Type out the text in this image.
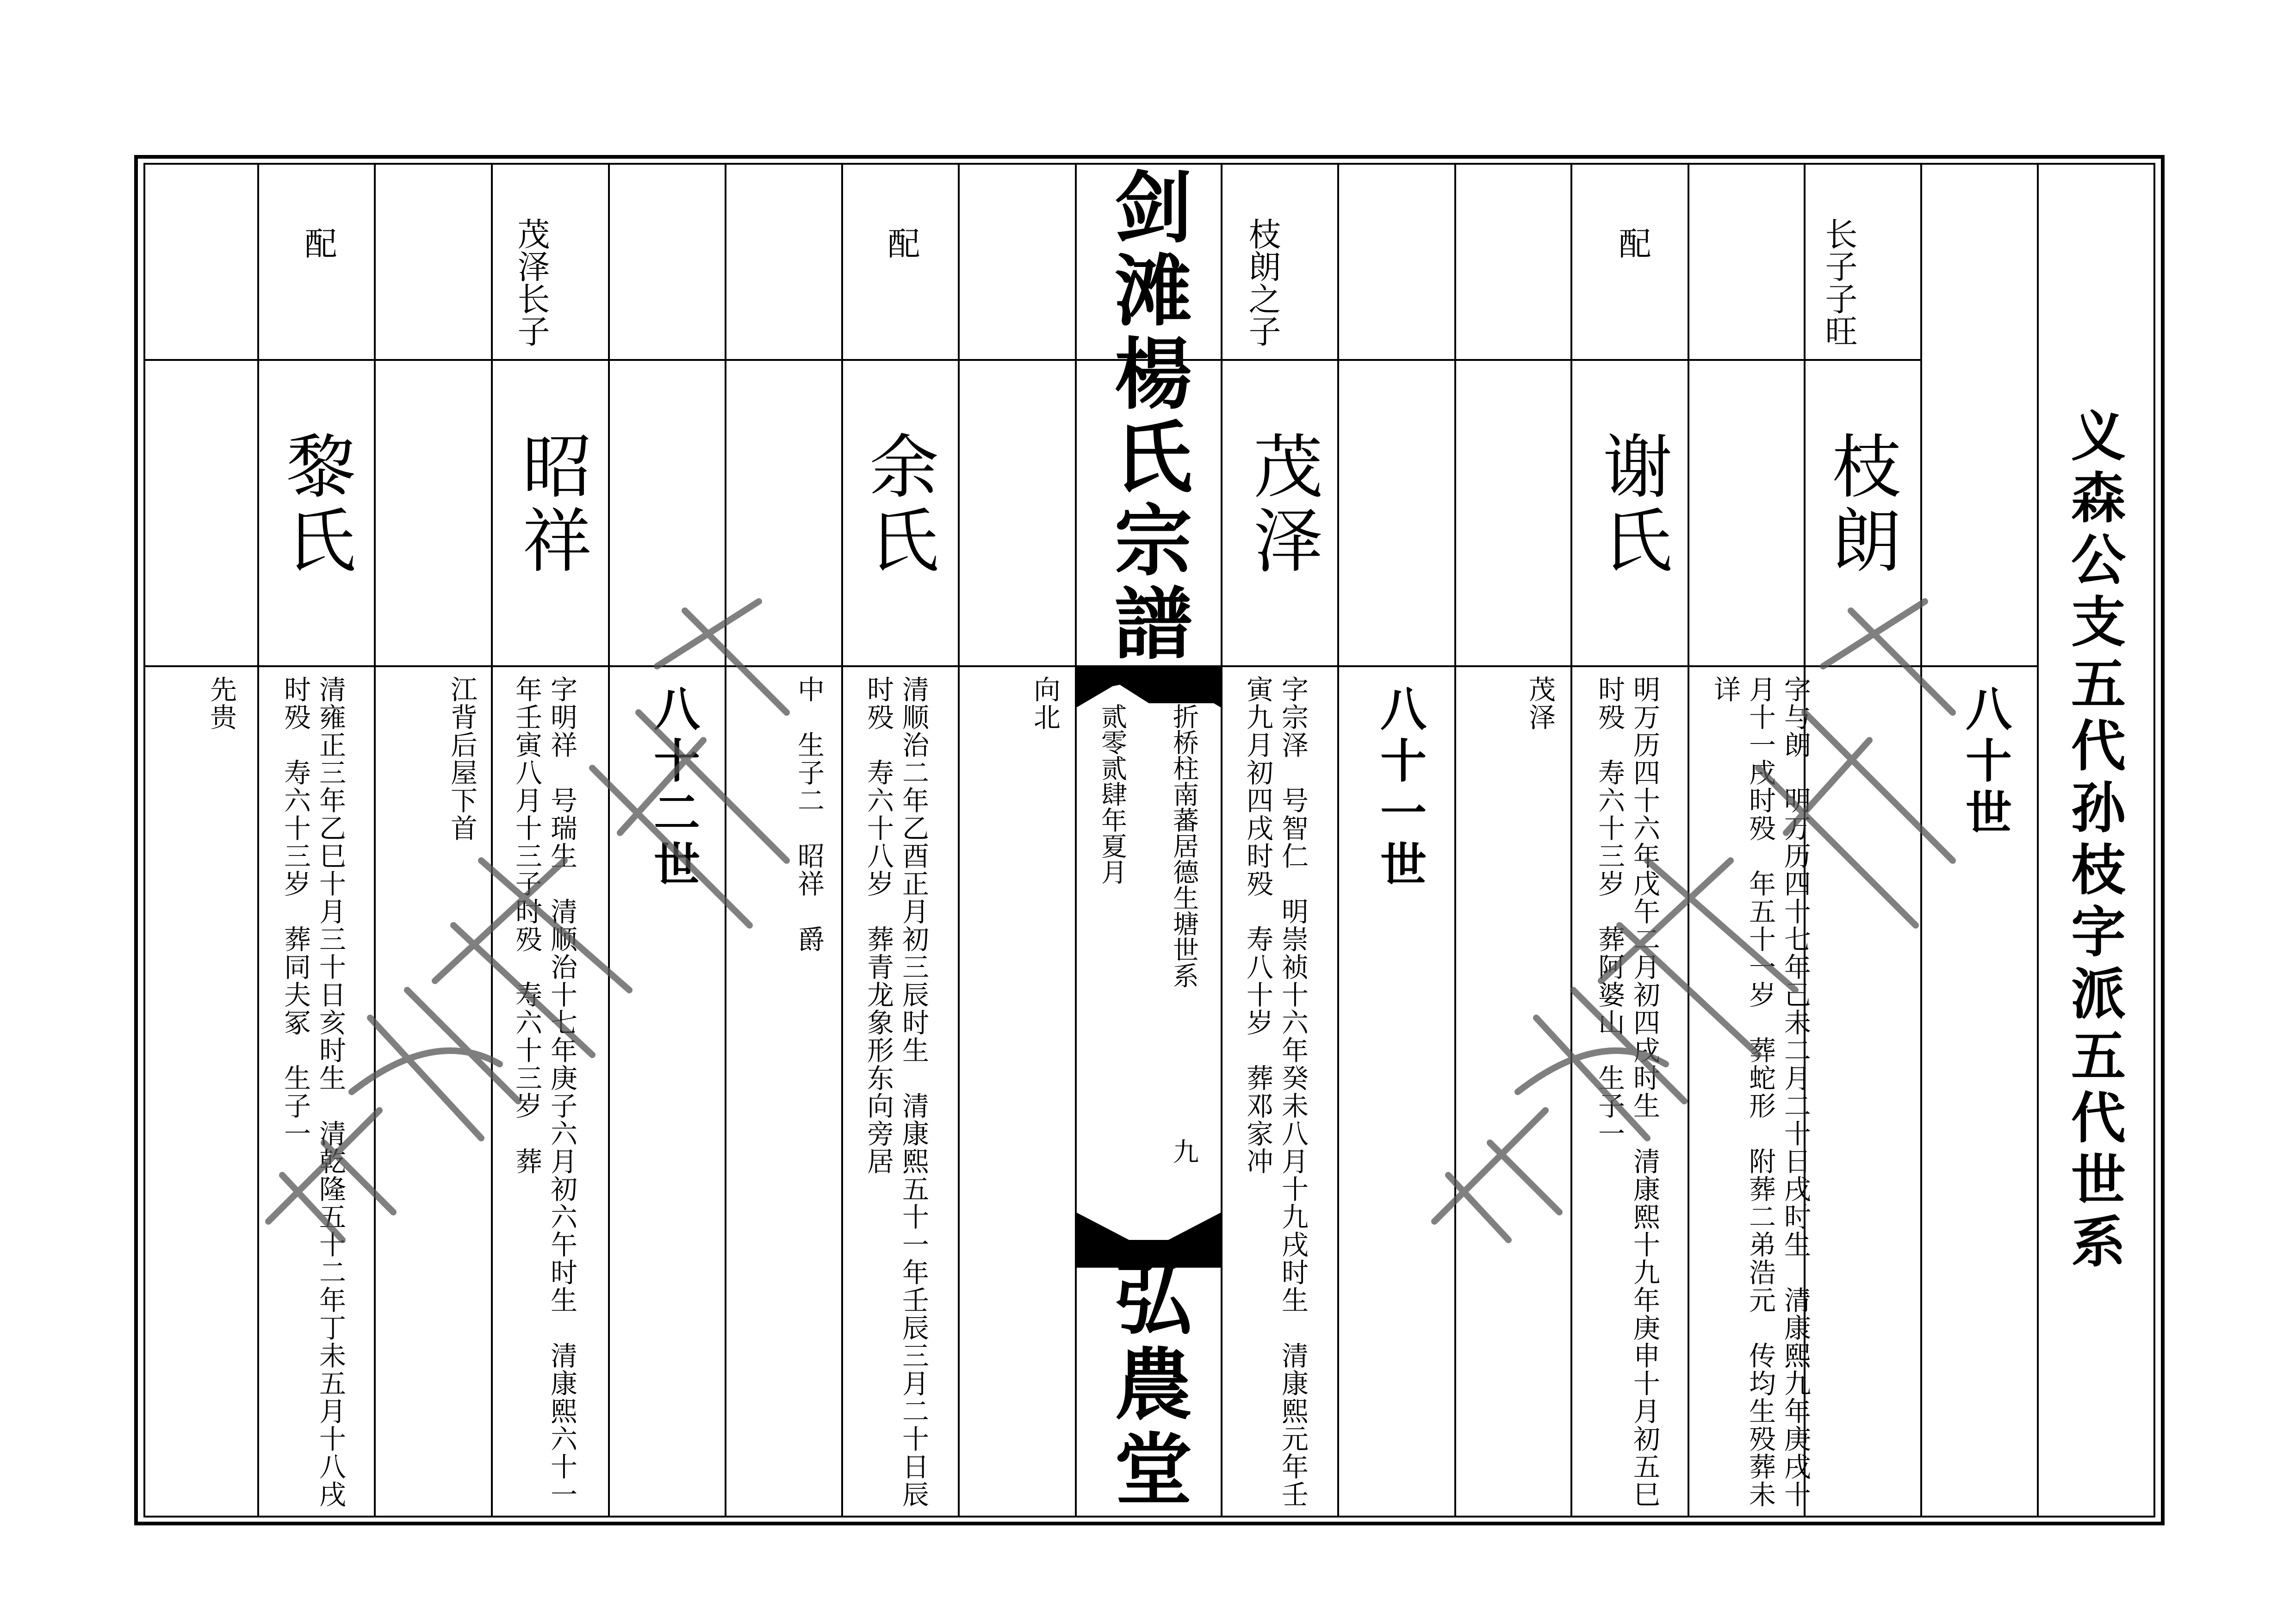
义森公支五代孙枝字派五代世系
八十世
长子子旺
枝朗
字与朗　明万历四十七年己未二月二十日戌时生　清康熙九年庚戌十月十一戌时殁　年五十一岁　葬蛇形　附葬二弟浩元　传均生殁葬未详
配
谢氏
明万历四十六年戊午二月初四戌时生　清康熙十九年庚申十月初五巳时殁　寿六十三岁　葬阿婆山　生子一
茂泽
八十一世
枝朗之子
茂泽
字宗泽　号智仁　明崇祯十六年癸未八月十九戌时生　清康熙元年壬寅九月初四戌时殁　寿八十岁　葬邓家冲
剑滩楊氏宗譜
折桥柱南蕃居德生塘世系
九
贰零贰肆年夏月
弘農堂
向北
配
余氏
清顺治二年乙酉正月初三辰时生　清康熙五十一年壬辰三月二十日辰时殁　寿六十八岁　葬青龙象形东向旁居
中　生子二　昭祥　爵
八十二世
茂泽长子
昭祥
字明祥　号瑞生　清顺治十七年庚子六月初六午时生　清康熙六十一年壬寅八月十三子时殁　寿六十三岁　葬
江背后屋下首
配
黎氏
清雍正三年乙巳十月三十日亥时生　清乾隆五十二年丁未五月十八戌时殁　寿六十三岁　葬同夫冢　生子一
先贵
